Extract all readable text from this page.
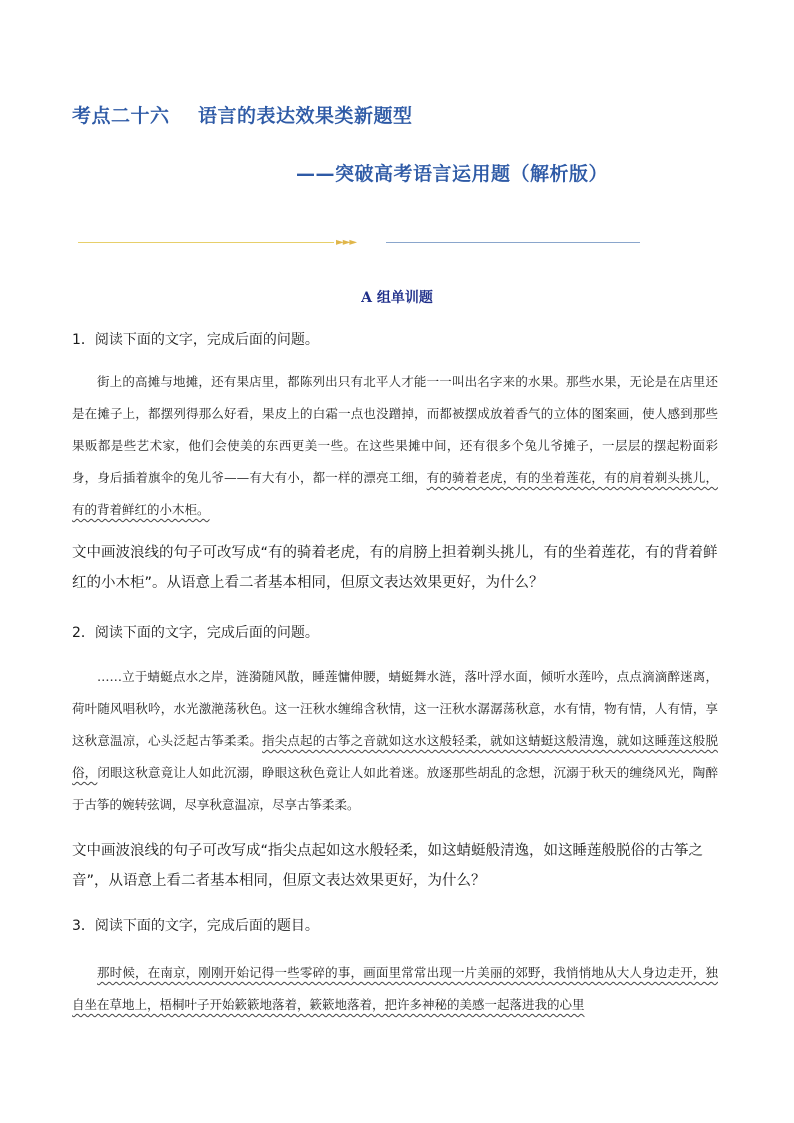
考点二十六    语言的表达效果类新题型
——突破高考语言运用题（解析版）
►►►
A 组单训题

1．阅读下面的文字，完成后面的问题。

街上的高摊与地摊，还有果店里，都陈列出只有北平人才能一一叫出名字来的水果。那些水果，无论是在店里还是在摊子上，都摆列得那么好看，果皮上的白霜一点也没蹭掉，而都被摆成放着香气的立体的图案画，使人感到那些果贩都是些艺术家，他们会使美的东西更美一些。在这些果摊中间，还有很多个兔儿爷摊子，一层层的摆起粉面彩身，身后插着旗伞的兔儿爷——有大有小，都一样的漂亮工细，有的骑着老虎，有的坐着莲花，有的肩着剃头挑儿，有的背着鲜红的小木柜。

文中画波浪线的句子可改写成“有的骑着老虎，有的肩膀上担着剃头挑儿，有的坐着莲花，有的背着鲜红的小木柜”。从语意上看二者基本相同，但原文表达效果更好，为什么？

2．阅读下面的文字，完成后面的问题。

……立于蜻蜓点水之岸，涟漪随风散，睡莲慵伸腰，蜻蜓舞水涟，落叶浮水面，倾听水莲吟，点点滴滴醉迷离，荷叶随风唱秋吟，水光激滟荡秋色。这一汪秋水缠绵含秋情，这一汪秋水潺潺荡秋意，水有情，物有情，人有情，享这秋意温凉，心头泛起古筝柔柔。指尖点起的古筝之音就如这水这般轻柔，就如这蜻蜓这般清逸，就如这睡莲这般脱俗，闭眼这秋意竟让人如此沉溺，睁眼这秋色竟让人如此着迷。放逐那些胡乱的念想，沉溺于秋天的缠绕风光，陶醉于古筝的婉转弦调，尽享秋意温凉，尽享古筝柔柔。

文中画波浪线的句子可改写成“指尖点起如这水般轻柔，如这蜻蜓般清逸，如这睡莲般脱俗的古筝之音”，从语意上看二者基本相同，但原文表达效果更好，为什么？

3．阅读下面的文字，完成后面的题目。

那时候，在南京，刚刚开始记得一些零碎的事，画面里常常出现一片美丽的郊野，我悄悄地从大人身边走开，独自坐在草地上，梧桐叶子开始簌簌地落着，簌簌地落着，把许多神秘的美感一起落进我的心里
